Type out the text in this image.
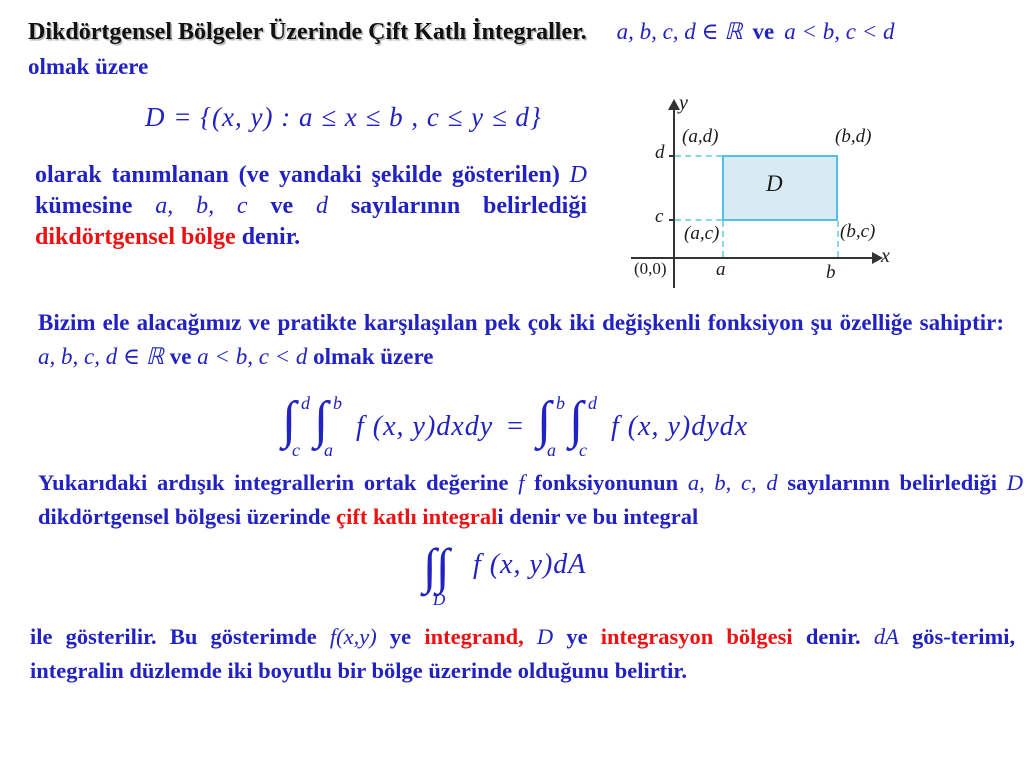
Dikdörtgensel Bölgeler Üzerinde Çift Katlı İntegraller. a, b, c, d ∈ ℝ ve a < b, c < d
olmak üzere
D = {(x, y) : a ≤ x ≤ b , c ≤ y ≤ d}
olarak tanımlanan (ve yandaki şekilde gösterilen) D kümesine a, b, c ve d sayılarının belirlediği dikdörtgensel bölge denir.
y
x
d
c
(a,d)	(b,d)
(a,c)	(b,c)
D
a	b
(0,0)
Bizim ele alacağımız ve pratikte karşılaşılan pek çok iki değişkenli fonksiyon şu özelliğe sahiptir: a, b, c, d ∈ ℝ ve a < b, c < d olmak üzere
∫ d
c
∫ b
a
f (x, y)dxdy = ∫ b
a
∫ d
c
f (x, y)dydx
Yukarıdaki ardışık integrallerin ortak değerine f fonksiyonunun a, b, c, d sayılarının belirlediği D dikdörtgensel bölgesi üzerinde çift katlı integrali denir ve bu integral
∫ ∫
D
f (x, y)dA
ile gösterilir. Bu gösterimde f(x,y) ye integrand, D ye integrasyon bölgesi denir. dA gös-terimi, integralin düzlemde iki boyutlu bir bölge üzerinde olduğunu belirtir.
